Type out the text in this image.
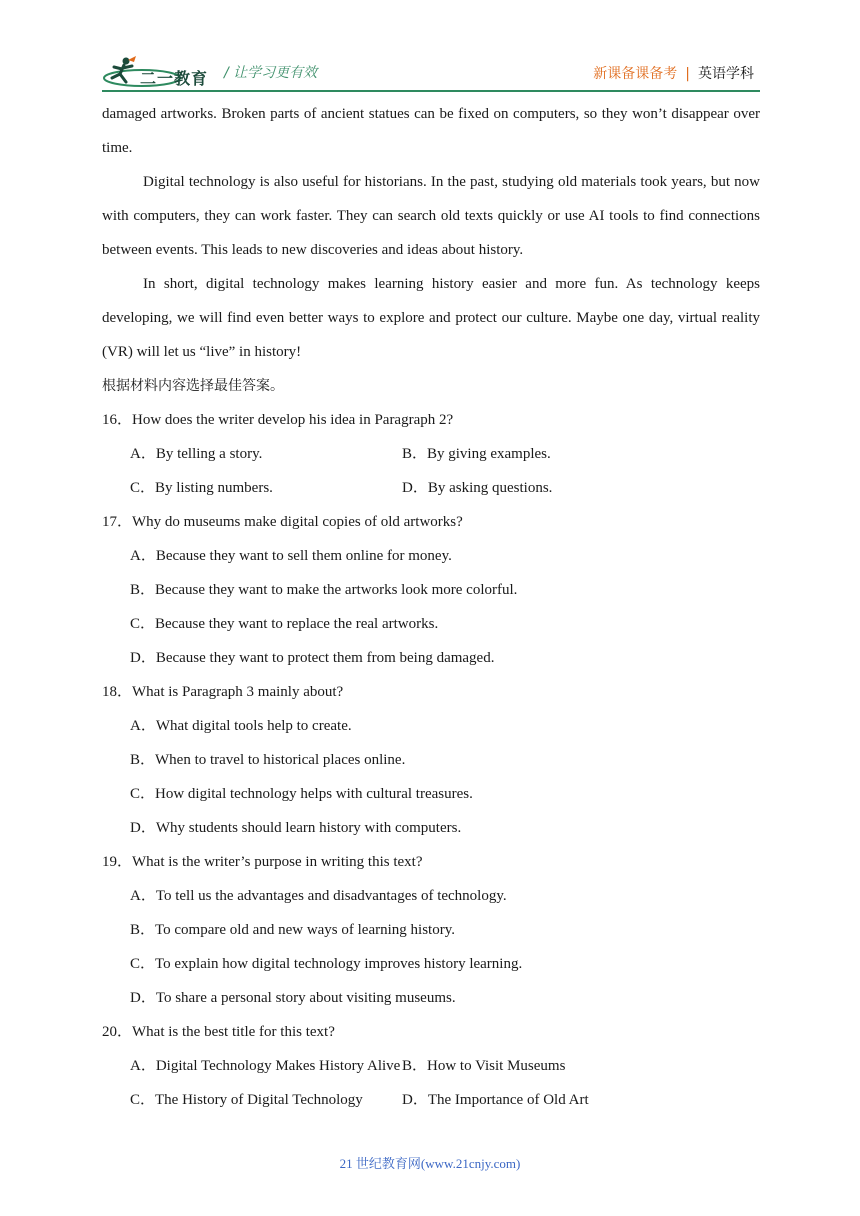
二一教育 / 让学习更有效	新课备课备考 | 英语学科

damaged artworks. Broken parts of ancient statues can be fixed on computers, so they won’t disappear over time.

Digital technology is also useful for historians. In the past, studying old materials took years, but now with computers, they can work faster. They can search old texts quickly or use AI tools to find connections between events. This leads to new discoveries and ideas about history.

In short, digital technology makes learning history easier and more fun. As technology keeps developing, we will find even better ways to explore and protect our culture. Maybe one day, virtual reality (VR) will let us “live” in history!

根据材料内容选择最佳答案。

16．How does the writer develop his idea in Paragraph 2?

A．By telling a story.	B．By giving examples.
C．By listing numbers.	D．By asking questions.

17．Why do museums make digital copies of old artworks?

A．Because they want to sell them online for money.

B．Because they want to make the artworks look more colorful.

C．Because they want to replace the real artworks.

D．Because they want to protect them from being damaged.

18．What is Paragraph 3 mainly about?

A．What digital tools help to create.

B．When to travel to historical places online.

C．How digital technology helps with cultural treasures.

D．Why students should learn history with computers.

19．What is the writer’s purpose in writing this text?

A．To tell us the advantages and disadvantages of technology.

B．To compare old and new ways of learning history.

C．To explain how digital technology improves history learning.

D．To share a personal story about visiting museums.

20．What is the best title for this text?

A．Digital Technology Makes History Alive B．How to Visit Museums
C．The History of Digital Technology	D．The Importance of Old Art
21 世纪教育网(www.21cnjy.com)
